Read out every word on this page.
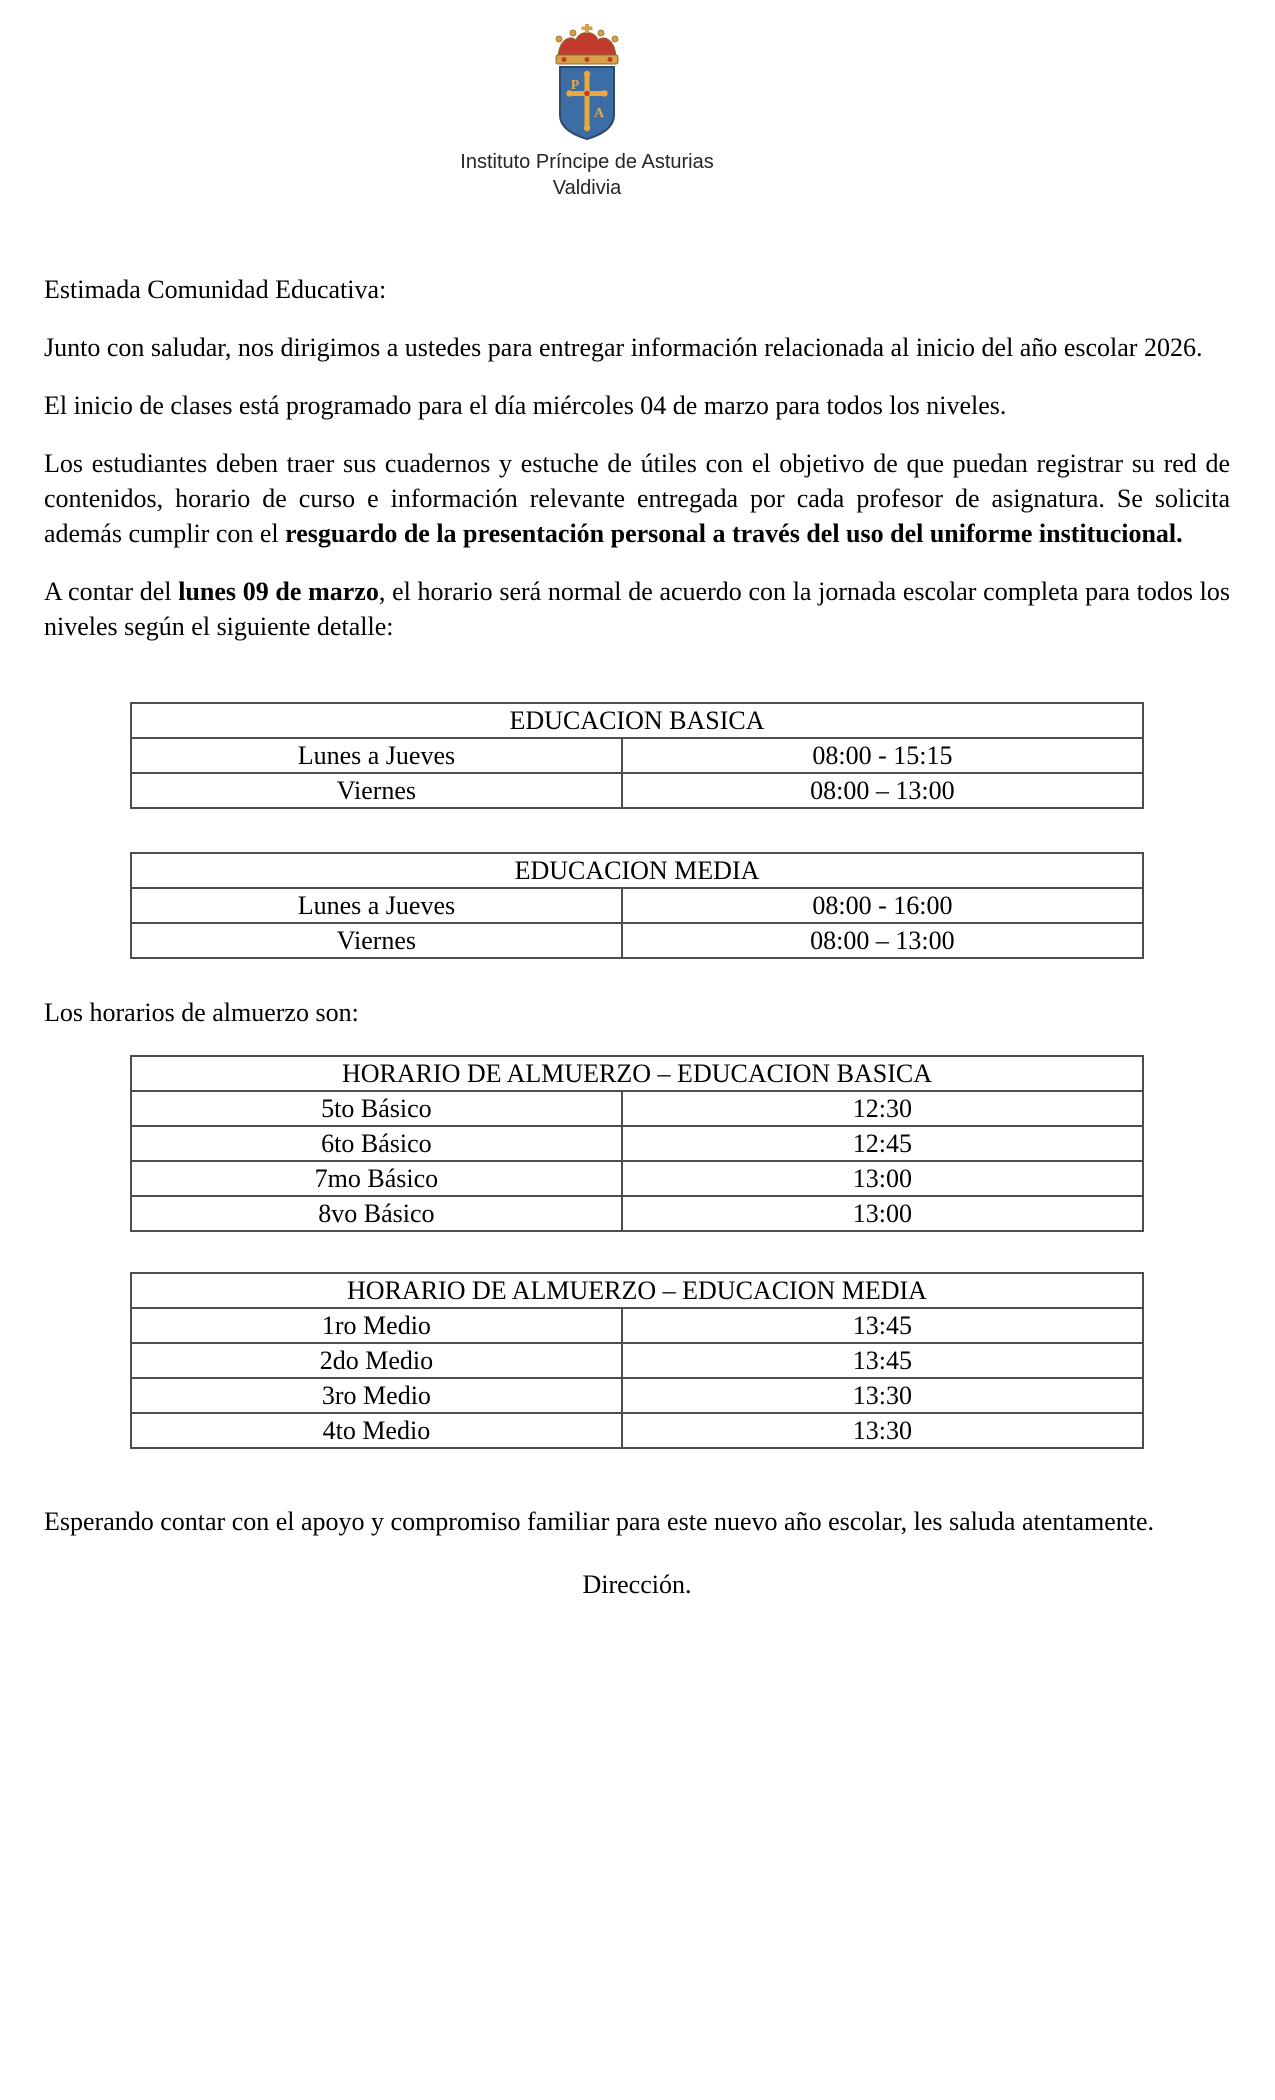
P
A
Instituto Príncipe de Asturias
Valdivia

Estimada Comunidad Educativa:

Junto con saludar, nos dirigimos a ustedes para entregar información relacionada al inicio del año escolar 2026.

El inicio de clases está programado para el día miércoles 04 de marzo para todos los niveles.

Los estudiantes deben traer sus cuadernos y estuche de útiles con el objetivo de que puedan registrar su red de contenidos, horario de curso e información relevante entregada por cada profesor de asignatura. Se solicita además cumplir con el resguardo de la presentación personal a través del uso del uniforme institucional.

A contar del lunes 09 de marzo, el horario será normal de acuerdo con la jornada escolar completa para todos los niveles según el siguiente detalle:

EDUCACION BASICA	
Lunes a Jueves	08:00 - 15:15
Viernes	08:00 – 13:00
EDUCACION MEDIA	
Lunes a Jueves	08:00 - 16:00
Viernes	08:00 – 13:00

Los horarios de almuerzo son:

HORARIO DE ALMUERZO – EDUCACION BASICA	
5to Básico	12:30
6to Básico	12:45
7mo Básico	13:00
8vo Básico	13:00
HORARIO DE ALMUERZO – EDUCACION MEDIA	
1ro Medio	13:45
2do Medio	13:45
3ro Medio	13:30
4to Medio	13:30

Esperando contar con el apoyo y compromiso familiar para este nuevo año escolar, les saluda atentamente.

Dirección.
